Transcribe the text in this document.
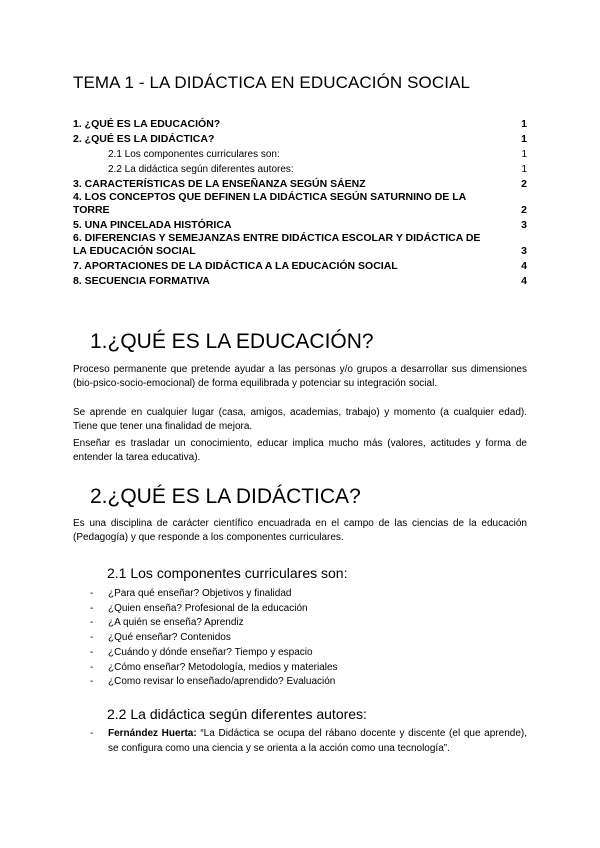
TEMA 1 - LA DIDÁCTICA EN EDUCACIÓN SOCIAL
1. ¿QUÉ ES LA EDUCACIÓN?	1
2. ¿QUÉ ES LA DIDÁCTICA?	1
2.1 Los componentes curriculares son:	1
2.2 La didáctica según diferentes autores:	1
3. CARACTERÍSTICAS DE LA ENSEÑANZA SEGÚN SÁENZ	2
4. LOS CONCEPTOS QUE DEFINEN LA DIDÁCTICA SEGÚN SATURNINO DE LA TORRE	2
5. UNA PINCELADA HISTÓRICA	3
6. DIFERENCIAS Y SEMEJANZAS ENTRE DIDÁCTICA ESCOLAR Y DIDÁCTICA DE LA EDUCACIÓN SOCIAL	3
7. APORTACIONES DE LA DIDÁCTICA A LA EDUCACIÓN SOCIAL	4
8. SECUENCIA FORMATIVA	4
1.¿QUÉ ES LA EDUCACIÓN?

Proceso permanente que pretende ayudar a las personas y/o grupos a desarrollar sus dimensiones (bio-psico-socio-emocional) de forma equilibrada y potenciar su integración social.

Se aprende en cualquier lugar (casa, amigos, academias, trabajo) y momento (a cualquier edad). Tiene que tener una finalidad de mejora.

Enseñar es trasladar un conocimiento, educar implica mucho más (valores, actitudes y forma de entender la tarea educativa).

2.¿QUÉ ES LA DIDÁCTICA?

Es una disciplina de carácter científico encuadrada en el campo de las ciencias de la educación (Pedagogía) y que responde a los componentes curriculares.

2.1 Los componentes curriculares son:
- ¿Para qué enseñar? Objetivos y finalidad
- ¿Quien enseña? Profesional de la educación
- ¿A quién se enseña? Aprendiz
- ¿Qué enseñar? Contenidos
- ¿Cuándo y dónde enseñar? Tiempo y espacio
- ¿Cómo enseñar? Metodología, medios y materiales
- ¿Como revisar lo enseñado/aprendido? Evaluación
2.2 La didáctica según diferentes autores:
- Fernández Huerta: “La Didáctica se ocupa del rábano docente y discente (el que aprende), se configura como una ciencia y se orienta a la acción como una tecnología”.
